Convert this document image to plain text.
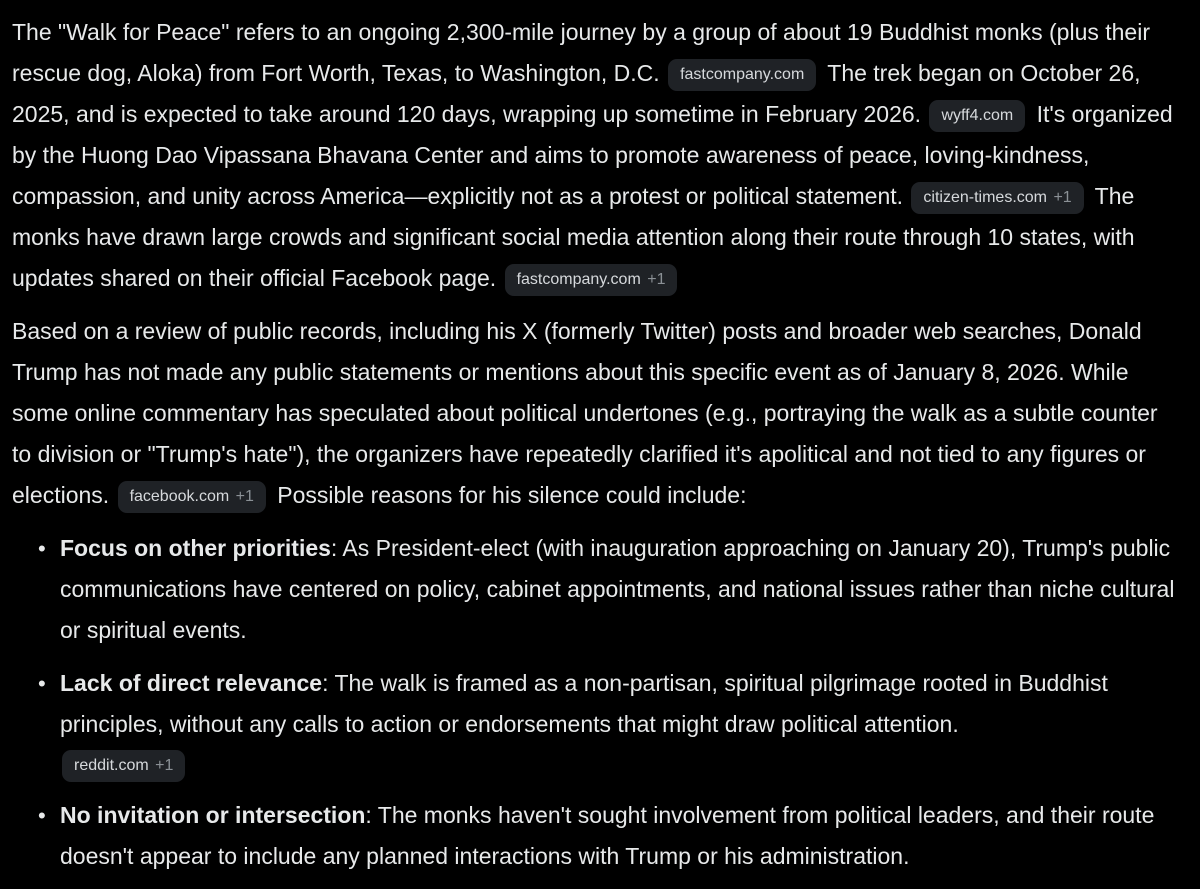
The "Walk for Peace" refers to an ongoing 2,300-mile journey by a group of about 19 Buddhist monks (plus their rescue dog, Aloka) from Fort Worth, Texas, to Washington, D.C. fastcompany.com The trek began on October 26, 2025, and is expected to take around 120 days, wrapping up sometime in February 2026. wyff4.com It's organized by the Huong Dao Vipassana Bhavana Center and aims to promote awareness of peace, loving-kindness, compassion, and unity across America—explicitly not as a protest or political statement. citizen-times.com +1 The monks have drawn large crowds and significant social media attention along their route through 10 states, with updates shared on their official Facebook page. fastcompany.com +1

Based on a review of public records, including his X (formerly Twitter) posts and broader web searches, Donald Trump has not made any public statements or mentions about this specific event as of January 8, 2026. While some online commentary has speculated about political undertones (e.g., portraying the walk as a subtle counter to division or "Trump's hate"), the organizers have repeatedly clarified it's apolitical and not tied to any figures or elections. facebook.com +1 Possible reasons for his silence could include:

• Focus on other priorities: As President-elect (with inauguration approaching on January 20), Trump's public communications have centered on policy, cabinet appointments, and national issues rather than niche cultural or spiritual events.
• Lack of direct relevance: The walk is framed as a non-partisan, spiritual pilgrimage rooted in Buddhist principles, without any calls to action or endorsements that might draw political attention.
reddit.com +1
• No invitation or intersection: The monks haven't sought involvement from political leaders, and their route doesn't appear to include any planned interactions with Trump or his administration.
